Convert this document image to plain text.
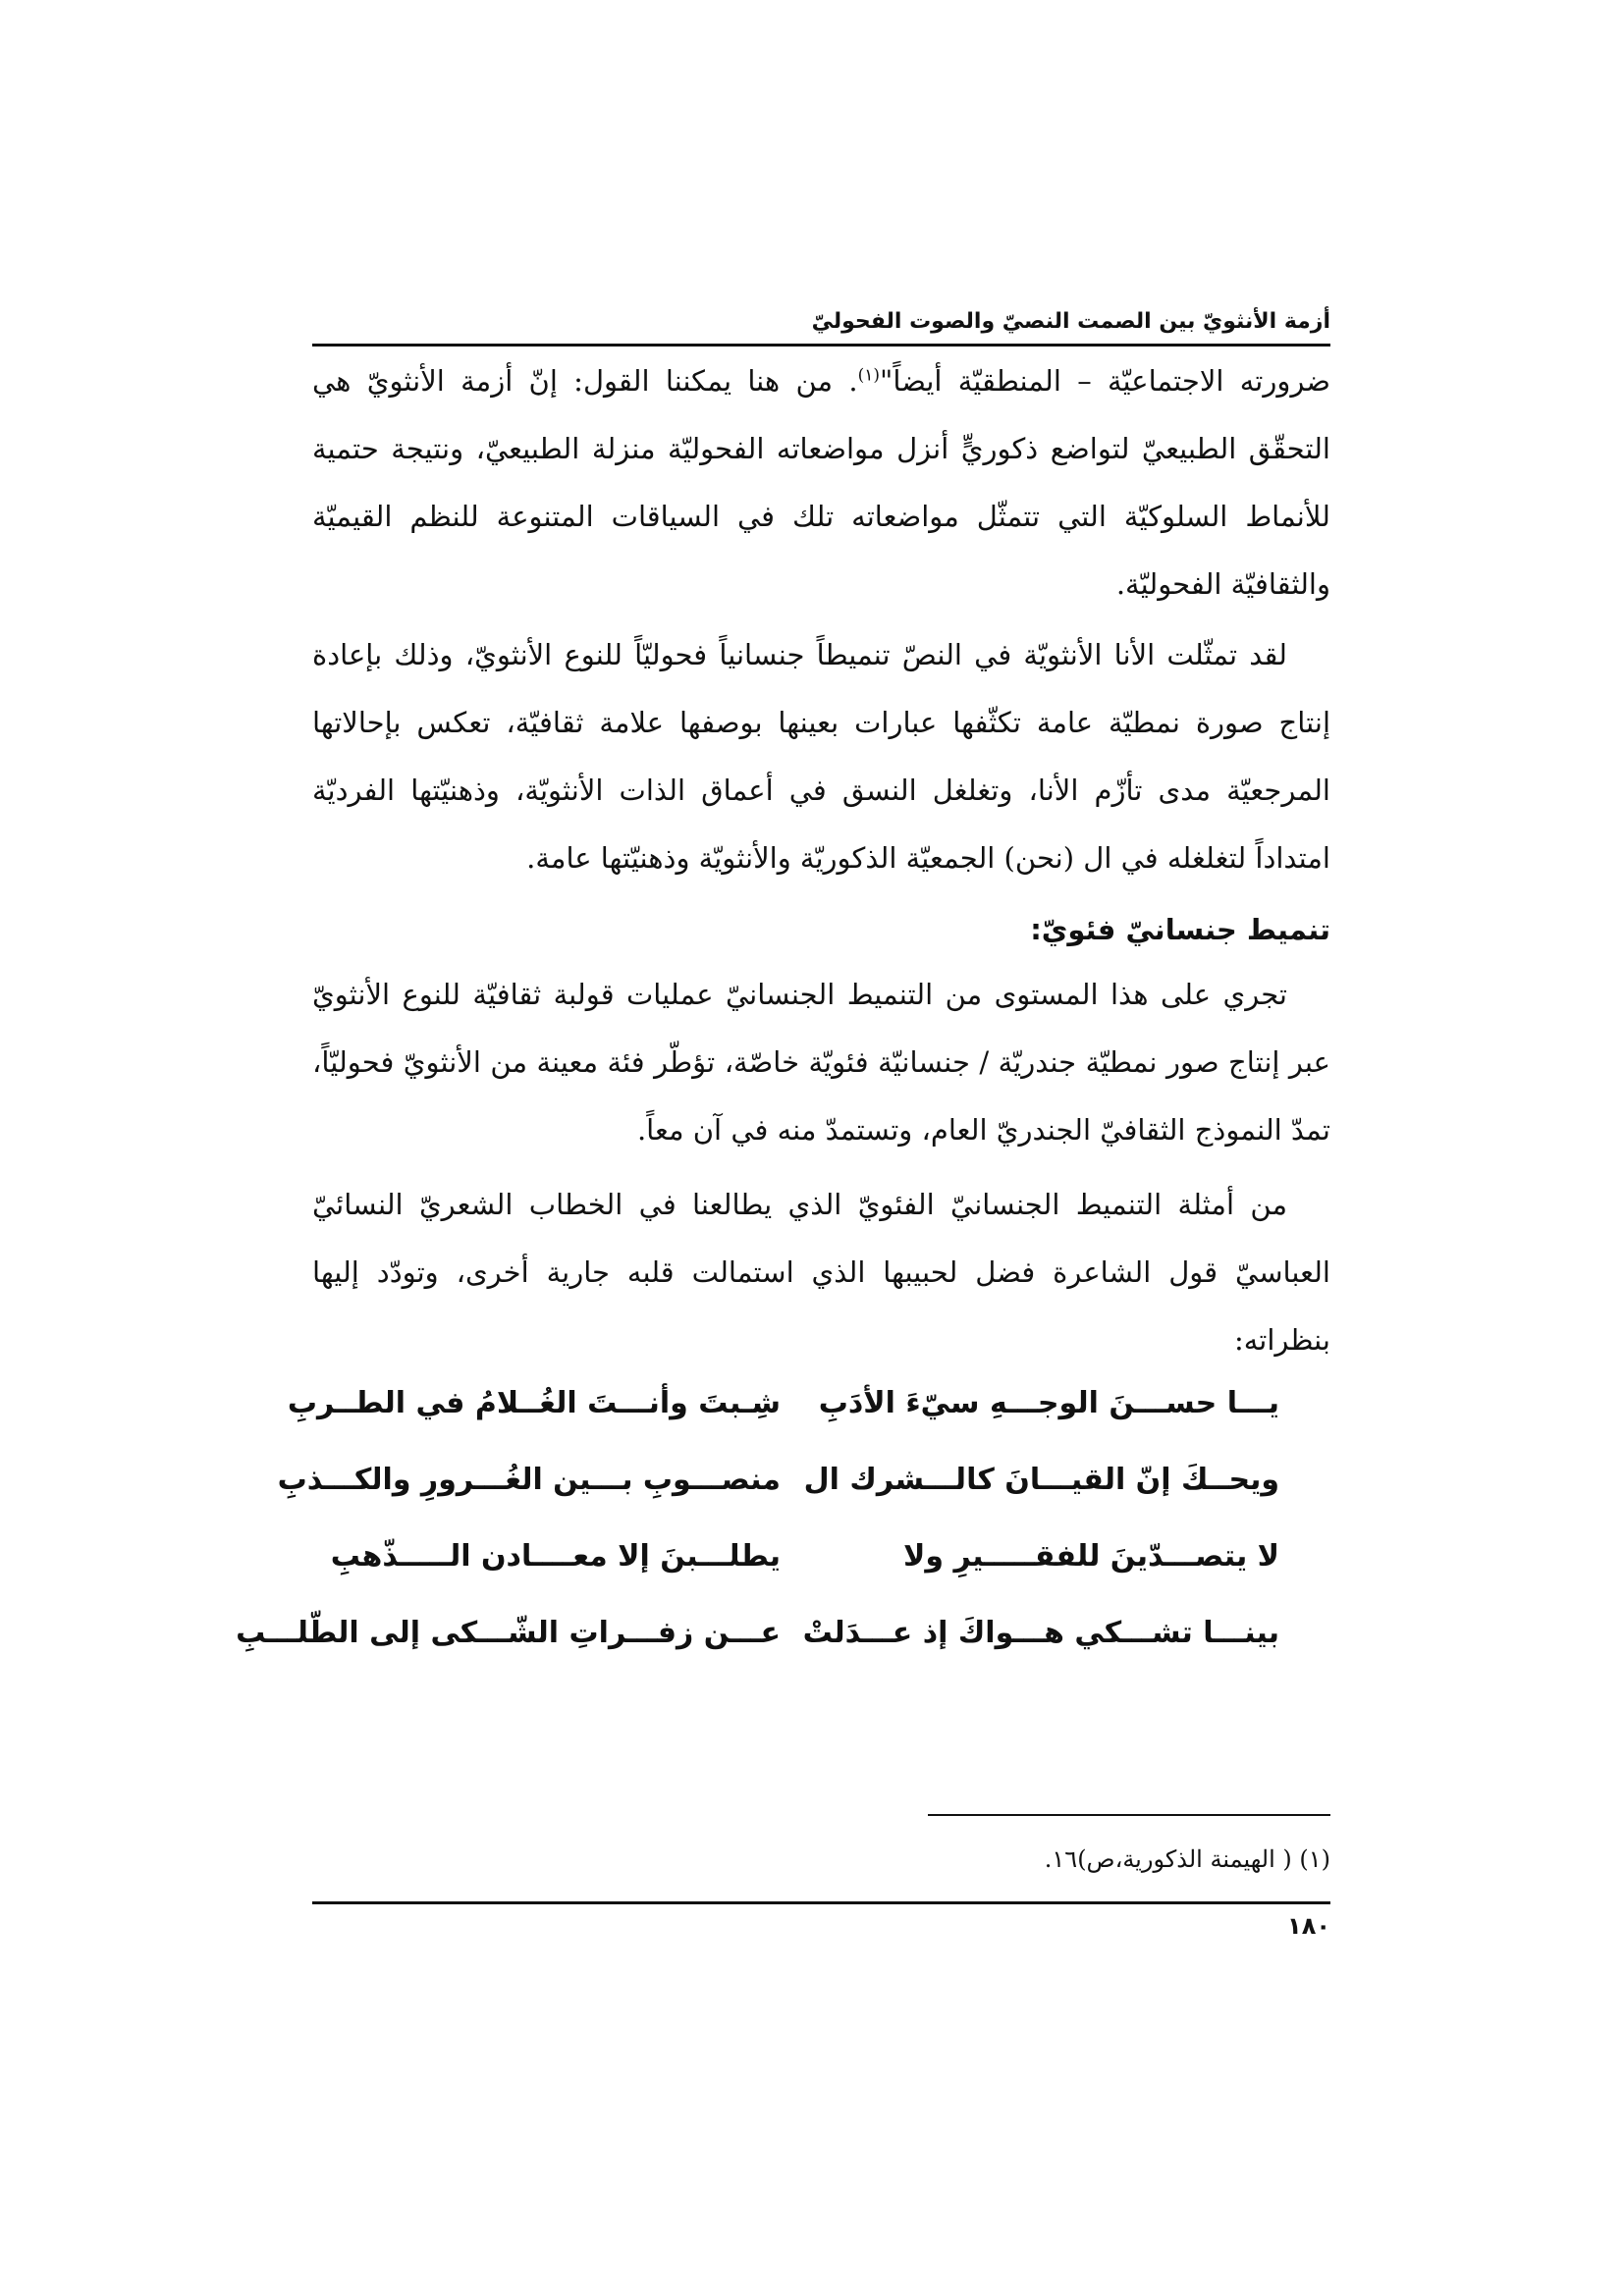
أزمة الأنثويّ بين الصمت النصيّ والصوت الفحوليّ

ضرورته الاجتماعيّة – المنطقيّة أيضاً"$^{(١)}$. من هنا يمكننا القول: إنّ أزمة الأنثويّ هي التحقّق الطبيعيّ لتواضع ذكوريٍّ أنزل مواضعاته الفحوليّة منزلة الطبيعيّ، ونتيجة حتمية للأنماط السلوكيّة التي تتمثّل مواضعاته تلك في السياقات المتنوعة للنظم القيميّة والثقافيّة الفحوليّة.

لقد تمثّلت الأنا الأنثويّة في النصّ تنميطاً جنسانياً فحوليّاً للنوع الأنثويّ، وذلك بإعادة إنتاج صورة نمطيّة عامة تكثّفها عبارات بعينها بوصفها علامة ثقافيّة، تعكس بإحالاتها المرجعيّة مدى تأزّم الأنا، وتغلغل النسق في أعماق الذات الأنثويّة، وذهنيّتها الفرديّة امتداداً لتغلغله في ال (نحن) الجمعيّة الذكوريّة والأنثويّة وذهنيّتها عامة.

تنميط جنسانيّ فئويّ:

تجري على هذا المستوى من التنميط الجنسانيّ عمليات قولبة ثقافيّة للنوع الأنثويّ عبر إنتاج صور نمطيّة جندريّة / جنسانيّة فئويّة خاصّة، تؤطّر فئة معينة من الأنثويّ فحوليّاً، تمدّ النموذج الثقافيّ الجندريّ العام، وتستمدّ منه في آن معاً.

من أمثلة التنميط الجنسانيّ الفئويّ الذي يطالعنا في الخطاب الشعريّ النسائيّ العباسيّ قول الشاعرة فضل لحبيبها الذي استمالت قلبه جارية أخرى، وتودّد إليها بنظراته:

يـــا حســـنَ الوجـــهِ سيّءَ الأدَبِ
شِـبتَ وأنـــتَ الغُــلامُ في الطــربِ
ويحــكَ إنّ القيـــانَ كالـــشرك ال
منصـــوبِ بـــين الغُـــرورِ والكـــذبِ
لا يتصـــدّينَ للفقـــــيرِ ولا
يطلـــبنَ إلا معــــادن الـــــذّهبِ
بينـــا تشـــكي هـــواكَ إذ عـــدَلتْ
عـــن زفـــراتِ الشّـــكى إلى الطّلـــبِ
(١) ( الهيمنة الذكورية،ص)١٦.
١٨٠
